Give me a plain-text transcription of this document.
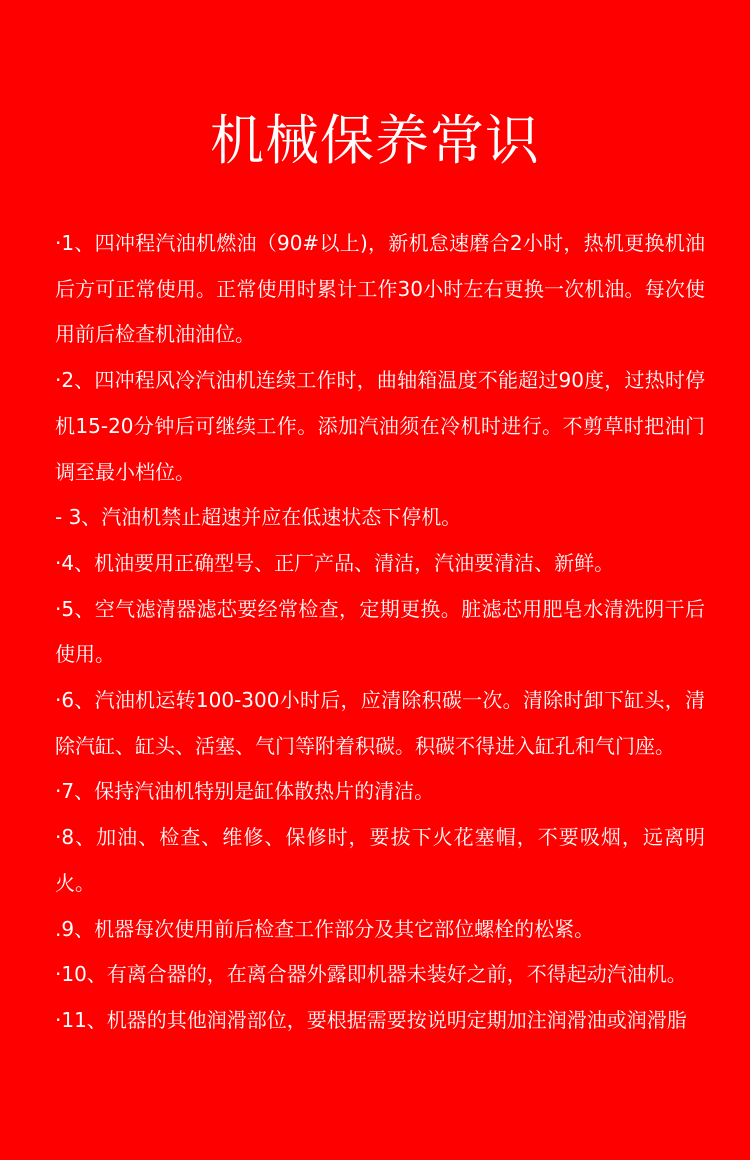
机械保养常识
·1、四冲程汽油机燃油（90#以上)，新机怠速磨合2小时，热机更换机油后方可正常使用。正常使用时累计工作30小时左右更换一次机油。每次使用前后检查机油油位。
·2、四冲程风冷汽油机连续工作时，曲轴箱温度不能超过90度，过热时停机15-20分钟后可继续工作。添加汽油须在冷机时进行。不剪草时把油门调至最小档位。
- 3、汽油机禁止超速并应在低速状态下停机。
·4、机油要用正确型号、正厂产品、清洁，汽油要清洁、新鲜。
·5、空气滤清器滤芯要经常检查，定期更换。脏滤芯用肥皂水清洗阴干后使用。
·6、汽油机运转100-300小时后，应清除积碳一次。清除时卸下缸头，清除汽缸、缸头、活塞、气门等附着积碳。积碳不得进入缸孔和气门座。
·7、保持汽油机特别是缸体散热片的清洁。
·8、加油、检查、维修、保修时，要拔下火花塞帽，不要吸烟，远离明火。
.9、机器每次使用前后检查工作部分及其它部位螺栓的松紧。
·10、有离合器的，在离合器外露即机器未装好之前，不得起动汽油机。
·11、机器的其他润滑部位，要根据需要按说明定期加注润滑油或润滑脂
